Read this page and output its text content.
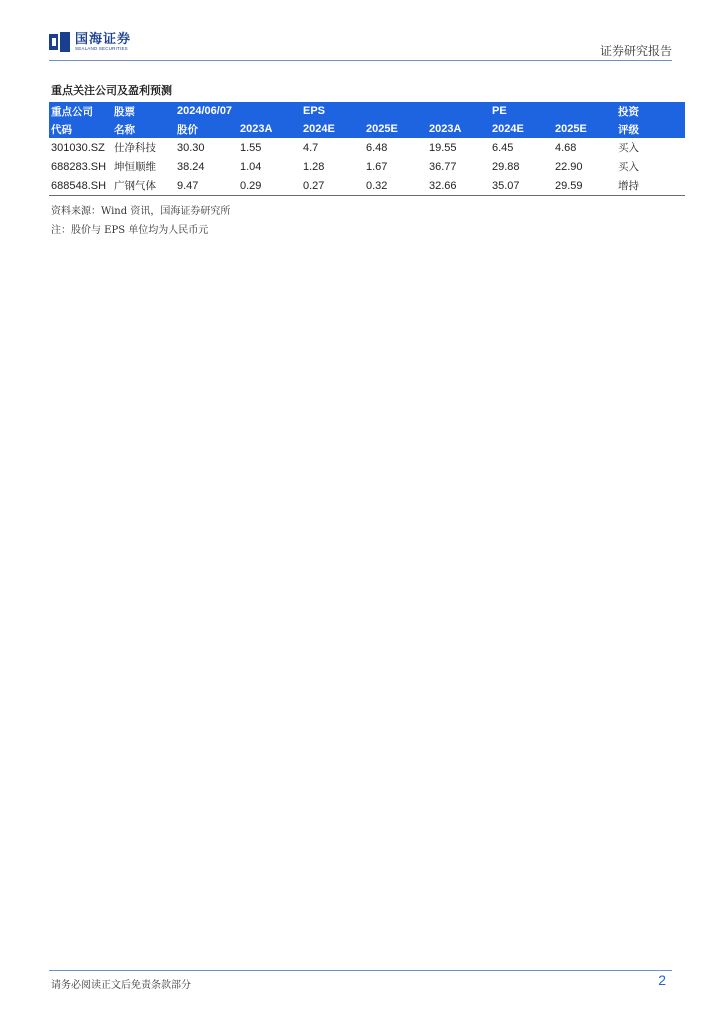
国海证券
SEALAND SECURITIES	证券研究报告
重点关注公司及盈利预测
重点公司	股票	2024/06/07		EPS			PE		投资
代码	名称	股价	2023A	2024E	2025E	2023A	2024E	2025E	评级
301030.SZ	仕净科技	30.30	1.55	4.7	6.48	19.55	6.45	4.68	买入
688283.SH	坤恒顺维	38.24	1.04	1.28	1.67	36.77	29.88	22.90	买入
688548.SH	广钢气体	9.47	0.29	0.27	0.32	32.66	35.07	29.59	增持
资料来源：Wind 资讯，国海证券研究所
注：股价与 EPS 单位均为人民币元
请务必阅读正文后免责条款部分	2
